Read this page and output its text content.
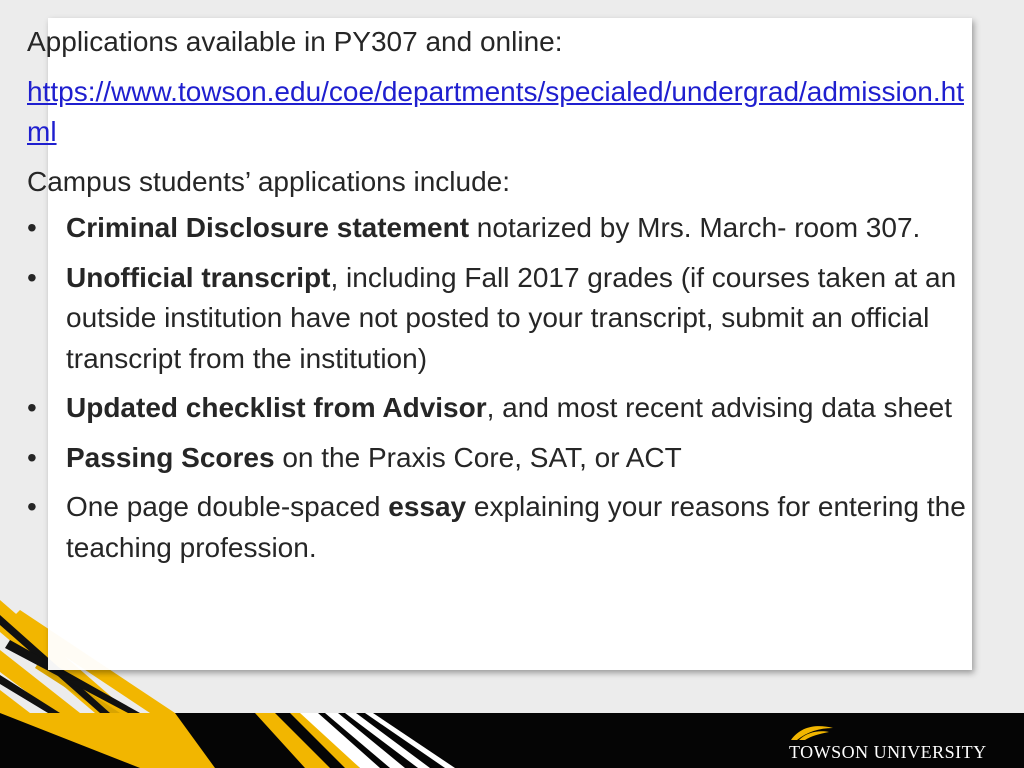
Applications available in PY307 and online:

https://www.towson.edu/coe/departments/specialed/undergrad/admission.html

Campus students’ applications include:

• Criminal Disclosure statement notarized by Mrs. March- room 307.
• Unofficial transcript, including Fall 2017 grades (if courses taken at an outside institution have not posted to your transcript, submit an official transcript from the institution)
• Updated checklist from Advisor, and most recent advising data sheet
• Passing Scores on the Praxis Core, SAT, or ACT
• One page double-spaced essay explaining your reasons for entering the teaching profession.
TOWSON UNIVERSITY
